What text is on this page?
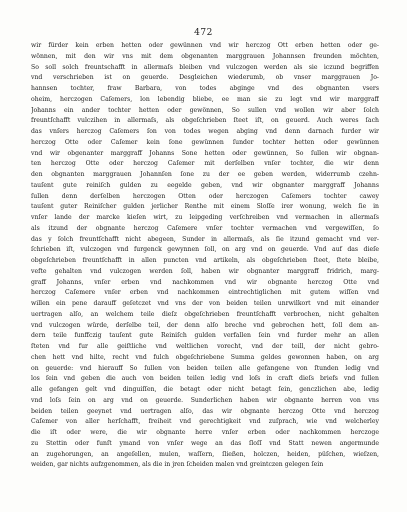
472
wir fürder kein erben hetten oder gewünnen vnd wir herczog Ott erben hetten oder ge-
wönnen, mit den wir vns mit dem obgenanten marggrauen Johannsen freunden möchten,
So soll solch freuntschafft in allermaſs bleiben vnd vulczogen werden als sie iczund begriffen
vnd verschrieben ist on geuerde. Desgleichen wiederumb, ob vnser marggrauen Jo-
hannsen tochter, fraw Barbara, von todes abginge vnd des obgnanten vsers
oheim, herczogen Caſemers, lon lebendig bliebe, ee man sie zu legt vnd wir marggraff
Johanns ein ander tochter hetten oder gewönnen, So sullen vnd wollen wir aber ſolch
freuntſchafft vulczihen in allermaſs, als obgeſchrieben ſteet iſt, on geuerd. Auch weres ſach
das vnſers herczog Caſemers ſon von todes wegen abging vnd denn darnach furder wir
herczog Otte oder Caſemer kein ſone gewünnen ſunder tochter hetten oder gewünnen
vnd wir obgenanter marggraff Johanns Sone hetten oder gewünnen, So ſullen wir obgnan-
ten herczog Otte oder herczog Caſemer mit derſelben vnſer tochter, die wir denn
den obgnanten marggrauen Johannſen ſone zu der ee geben werden, widerrumb czehn-
tauſent gute reiniſch gulden zu eegelde geben, vnd wir obgnanter marggraff Johanns
ſullen denn derſelben herczogen Otten oder herczogen Caſemers tochter cawey
tauſent guter Reiniſcher gulden jerlicher Renthe mit einem Sloſſe irer wonung, welch ſie in
vnſer lande der marcke kieſen wirt, zu leipgeding verſchreiben vnd vermachen in allermaſs
als itzund der obgnante herczog Caſemere vnſer tochter vermachen vnd vergewiſſen, ſo
das y ſolch freuntſchafft nicht abegeen, Sunder in allermaſs, als ſie itzund gemacht vnd ver-
ſchrieben iſt, vulczogen vnd furgenck gewynnen ſoll, on arg vnd on geuerde. Vnd auf das dieſe
obgeſchrieben freuntſchafft in allen puncten vnd artikeln, als obgeſchrieben ſteet, ſtete bleibe,
vefte gehalten vnd vulczogen werden ſoll, haben wir obgnanter marggraff fridrich, marg-
graff Johanns, vnſer erben vnd nachkommen vnd wir obgnante herczog Otte vnd
herczog Caſemere vnſer erben vnd nachkommen eintrechtiglichen mit gutem wiſſen vnd
willen ein pene darauff geſetczet vnd vns der von beiden teilen unrwilkort vnd mit einander
uertragen alſo, an welchem teile dieſz obgeſchrieben freuntſchafft verbrochen, nicht gehalten
vnd vulczogen würde, derſelbe teil, der denn alſo breche vnd gebrochen hett, ſoll dem an-
dern teile funffczig tauſent gute Reiniſch gulden verfallen ſein vnd furder mehr an allen
ſteten vnd fur alle geiſtliche vnd weltlichen vorecht, vnd der teill, der nicht gebro-
chen hett vnd hilte, recht vnd fulch obgeſchriebene Summa geldes gewonnen haben, on arg
on geuerde: vnd hierauff So ſullen von beiden teilen alle gefangene von ſtunden ledig vnd
los ſein vnd geben die auch von beiden teilen ledig vnd loſs in craft dieſs briefs vnd ſullen
alle gefangen gelt vnd dinguiſſen, die betagt oder nicht betagt ſein, genczlichen abe, ledig
vnd loſs ſein on arg vnd on geuerde. Sunderlichen haben wir obgnante herren von vns
beiden teilen geeynet vnd uertragen alſo, das wir obgnante herczog Otte vnd herczog
Caſemer von aller herſchafft, freiheit vnd gerechtigkeit vnd zuſprach, wie vnd welcherley
die iſt oder were, die wir obgnante herre vnſer erben oder nachkommen herczoge
zu Stettin oder funſt ymand von vnſer wege an das ſloſſ vnd Statt newen angermunde
an zugehorungen, an angeſellen, mulen, waſſern, ſließen, holczen, heiden, püſchen, wieſzen,
weiden, gar nichts aufzgenommen, als die in jren ſcheiden malen vnd greintczen gelegen ſein
